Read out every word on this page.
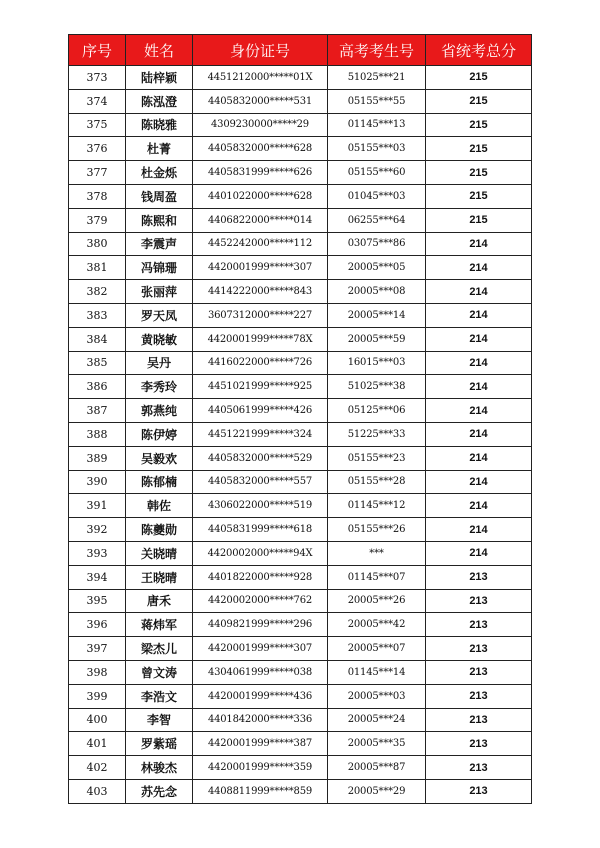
序号	姓名	身份证号	高考考生号	省统考总分
373	陆梓颖	4451212000*****01X	51025***21	215
374	陈泓澄	4405832000*****531	05155***55	215
375	陈晓雅	4309230000*****29	01145***13	215
376	杜菁	4405832000*****628	05155***03	215
377	杜金烁	4405831999*****626	05155***60	215
378	钱周盈	4401022000*****628	01045***03	215
379	陈熙和	4406822000*****014	06255***64	215
380	李震声	4452242000*****112	03075***86	214
381	冯锦珊	4420001999*****307	20005***05	214
382	张丽萍	4414222000*****843	20005***08	214
383	罗天凤	3607312000*****227	20005***14	214
384	黄晓敏	4420001999*****78X	20005***59	214
385	吴丹	4416022000*****726	16015***03	214
386	李秀玲	4451021999*****925	51025***38	214
387	郭燕纯	4405061999*****426	05125***06	214
388	陈伊婷	4451221999*****324	51225***33	214
389	吴毅欢	4405832000*****529	05155***23	214
390	陈郁楠	4405832000*****557	05155***28	214
391	韩佐	4306022000*****519	01145***12	214
392	陈夔勋	4405831999*****618	05155***26	214
393	关晓晴	4420002000*****94X	***	214
394	王晓晴	4401822000*****928	01145***07	213
395	唐禾	4420002000*****762	20005***26	213
396	蒋炜军	4409821999*****296	20005***42	213
397	梁杰儿	4420001999*****307	20005***07	213
398	曾文涛	4304061999*****038	01145***14	213
399	李浩文	4420001999*****436	20005***03	213
400	李智	4401842000*****336	20005***24	213
401	罗紫瑶	4420001999*****387	20005***35	213
402	林骏杰	4420001999*****359	20005***87	213
403	苏先念	4408811999*****859	20005***29	213
